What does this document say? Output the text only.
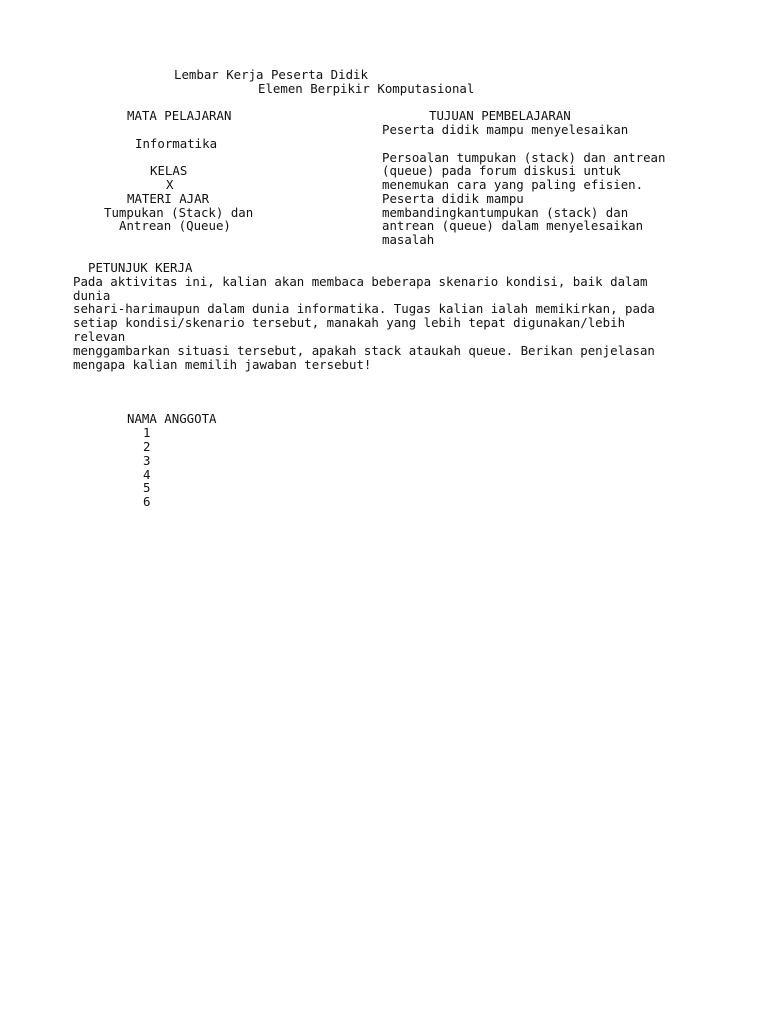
Lembar Kerja Peserta Didik
Elemen Berpikir Komputasional
MATA PELAJARAN
Informatika
KELAS
X
MATERI AJAR
Tumpukan (Stack) dan
Antrean (Queue)
TUJUAN PEMBELAJARAN
Peserta didik mampu menyelesaikan
Persoalan tumpukan (stack) dan antrean
(queue) pada forum diskusi untuk
menemukan cara yang paling efisien.
Peserta didik mampu
membandingkantumpukan (stack) dan
antrean (queue) dalam menyelesaikan
masalah
PETUNJUK KERJA
Pada aktivitas ini, kalian akan membaca beberapa skenario kondisi, baik dalam
dunia
sehari-harimaupun dalam dunia informatika. Tugas kalian ialah memikirkan, pada
setiap kondisi/skenario tersebut, manakah yang lebih tepat digunakan/lebih
relevan
menggambarkan situasi tersebut, apakah stack ataukah queue. Berikan penjelasan
mengapa kalian memilih jawaban tersebut!
NAMA ANGGOTA
1
2
3
4
5
6
